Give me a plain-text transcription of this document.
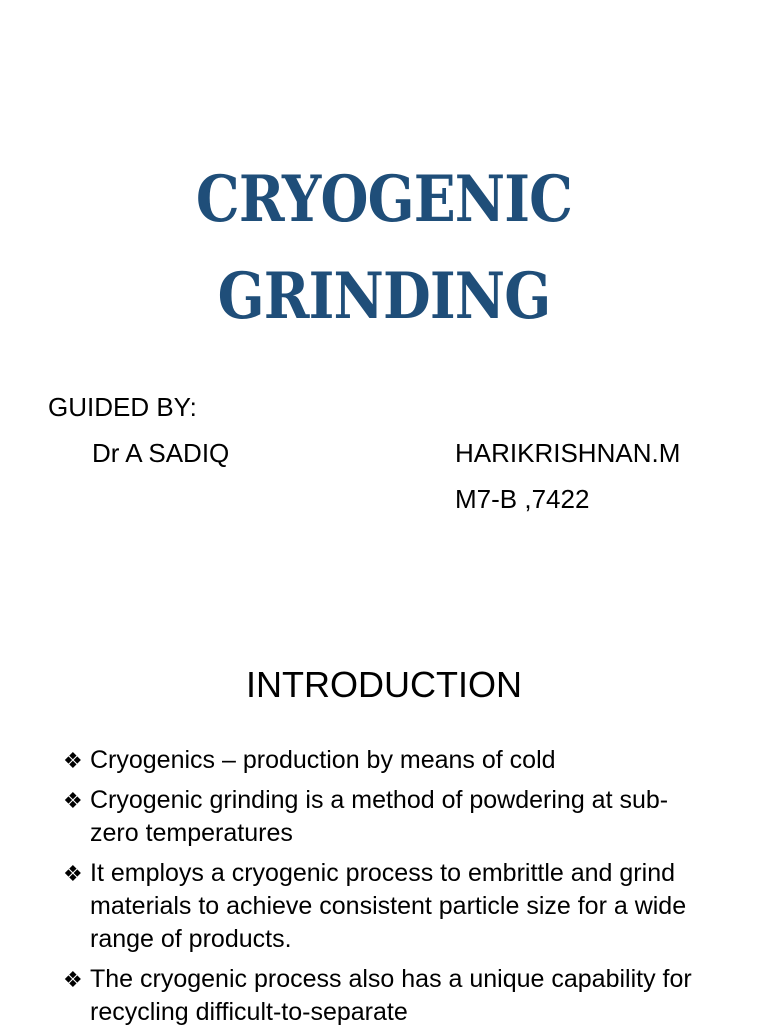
CRYOGENIC
GRINDING
GUIDED BY:
Dr A SADIQ	HARIKRISHNAN.M
M7-B ,7422
INTRODUCTION
❖ Cryogenics – production by means of cold
❖ Cryogenic grinding is a method of powdering at sub-zero temperatures
❖ It employs a cryogenic process to embrittle and grind materials to achieve consistent particle size for a wide range of products.
❖ The cryogenic process also has a unique capability for recycling difficult-to-separate
